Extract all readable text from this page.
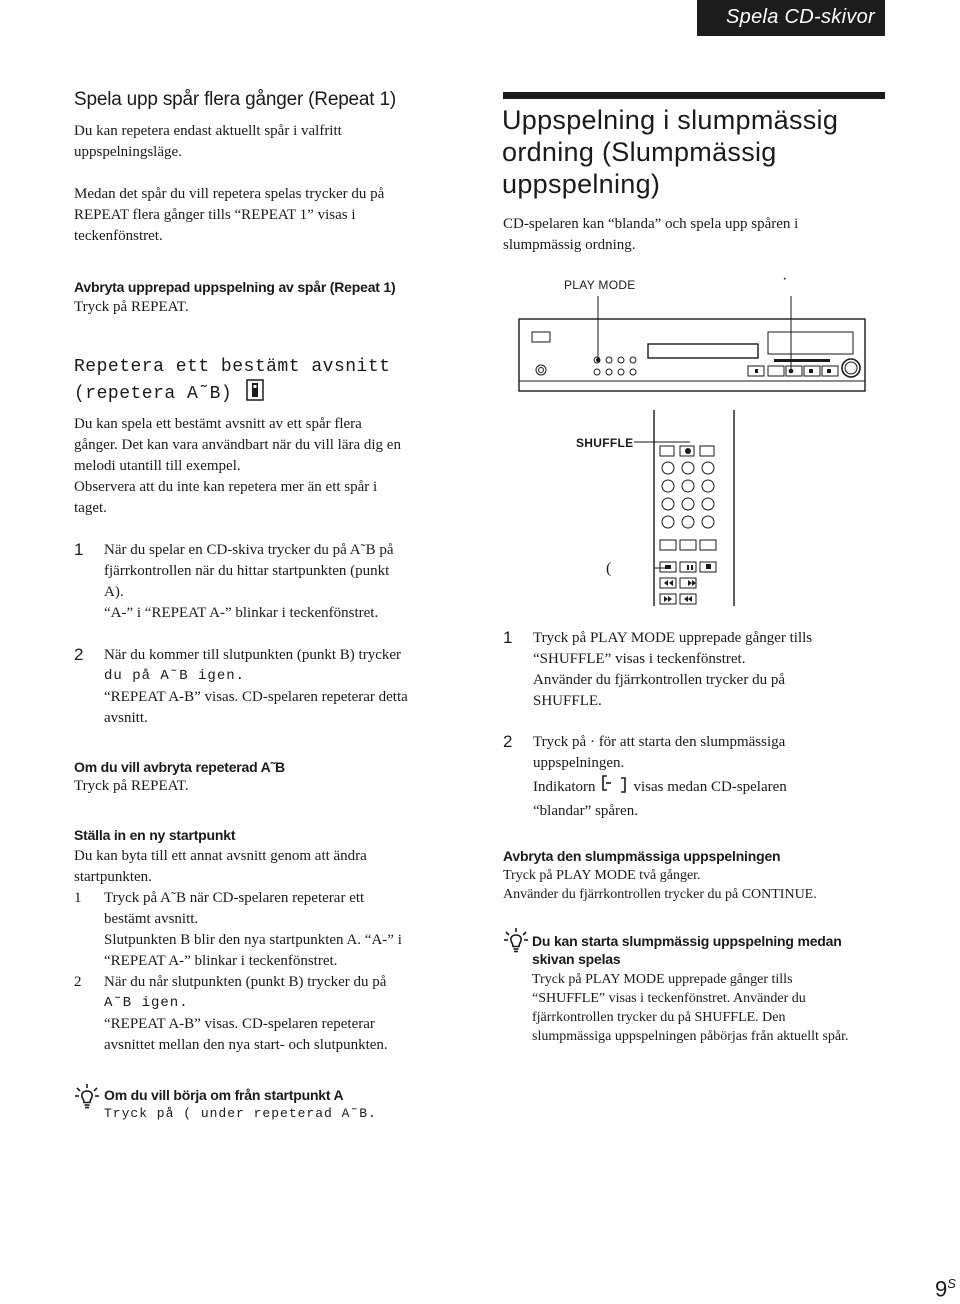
Spela CD-skivor
Spela upp spår flera gånger (Repeat 1)
Du kan repetera endast aktuellt spår i valfritt
uppspelningsläge.
Medan det spår du vill repetera spelas trycker du på
REPEAT flera gånger tills “REPEAT 1” visas i
teckenfönstret.
Avbryta upprepad uppspelning av spår (Repeat 1)
Tryck på REPEAT.
Repetera ett bestämt avsnitt
(repetera A˜B)
Du kan spela ett bestämt avsnitt av ett spår flera
gånger. Det kan vara användbart när du vill lära dig en
melodi utantill till exempel.
Observera att du inte kan repetera mer än ett spår i
taget.
1 När du spelar en CD-skiva trycker du på A˜B på
fjärrkontrollen när du hittar startpunkten (punkt
A).
“A-” i “REPEAT A-” blinkar i teckenfönstret.
2 När du kommer till slutpunkten (punkt B) trycker
du på A˜B igen.
“REPEAT A-B” visas. CD-spelaren repeterar detta
avsnitt.
Om du vill avbryta repeterad A˜B
Tryck på REPEAT.
Ställa in en ny startpunkt
Du kan byta till ett annat avsnitt genom att ändra
startpunkten.
1 Tryck på A˜B när CD-spelaren repeterar ett
bestämt avsnitt.
Slutpunkten B blir den nya startpunkten A. “A-” i
“REPEAT A-” blinkar i teckenfönstret.
2 När du når slutpunkten (punkt B) trycker du på
A˜B igen.
“REPEAT A-B” visas. CD-spelaren repeterar
avsnittet mellan den nya start- och slutpunkten.
Om du vill börja om från startpunkt A
Tryck på ( under repeterad A˜B.
Uppspelning i slumpmässig
ordning (Slumpmässig
uppspelning)
CD-spelaren kan “blanda” och spela upp spåren i
slumpmässig ordning.
PLAY MODE	·
SHUFFLE
(
1 Tryck på PLAY MODE upprepade gånger tills
“SHUFFLE” visas i teckenfönstret.
Använder du fjärrkontrollen trycker du på
SHUFFLE.
2 Tryck på · för att starta den slumpmässiga
uppspelningen.
Indikatorn	visas medan CD-spelaren
“blandar” spåren.
Avbryta den slumpmässiga uppspelningen
Tryck på PLAY MODE två gånger.
Använder du fjärrkontrollen trycker du på CONTINUE.
Du kan starta slumpmässig uppspelning medan
skivan spelas
Tryck på PLAY MODE upprepade gånger tills
“SHUFFLE” visas i teckenfönstret. Använder du
fjärrkontrollen trycker du på SHUFFLE. Den
slumpmässiga uppspelningen påbörjas från aktuellt spår.
$9^S$
